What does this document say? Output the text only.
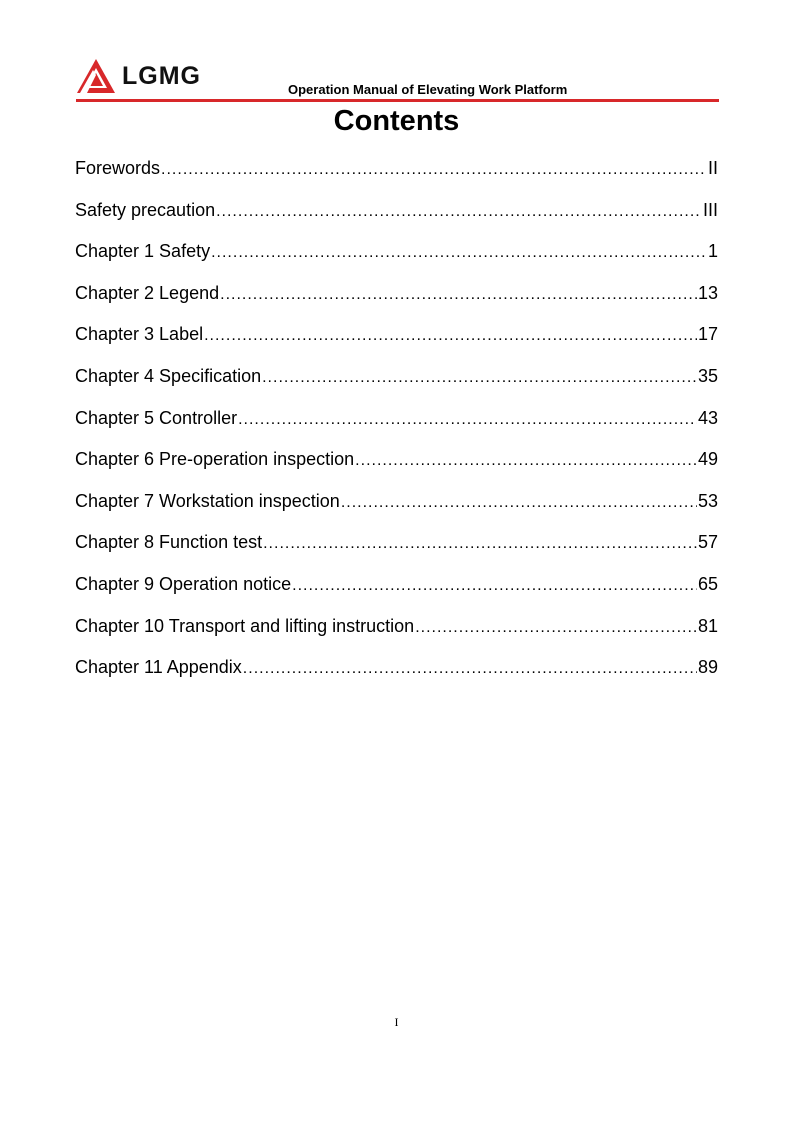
LGMG	Operation Manual of Elevating Work Platform
Contents
Forewords .....	II
Safety precaution .....	III
Chapter 1 Safety .....	1
Chapter 2 Legend .....	13
Chapter 3 Label .....	17
Chapter 4 Specification .....	35
Chapter 5 Controller .....	43
Chapter 6 Pre-operation inspection .....	49
Chapter 7 Workstation inspection .....	53
Chapter 8 Function test .....	57
Chapter 9 Operation notice .....	65
Chapter 10 Transport and lifting instruction .....	81
Chapter 11 Appendix .....	89
I
